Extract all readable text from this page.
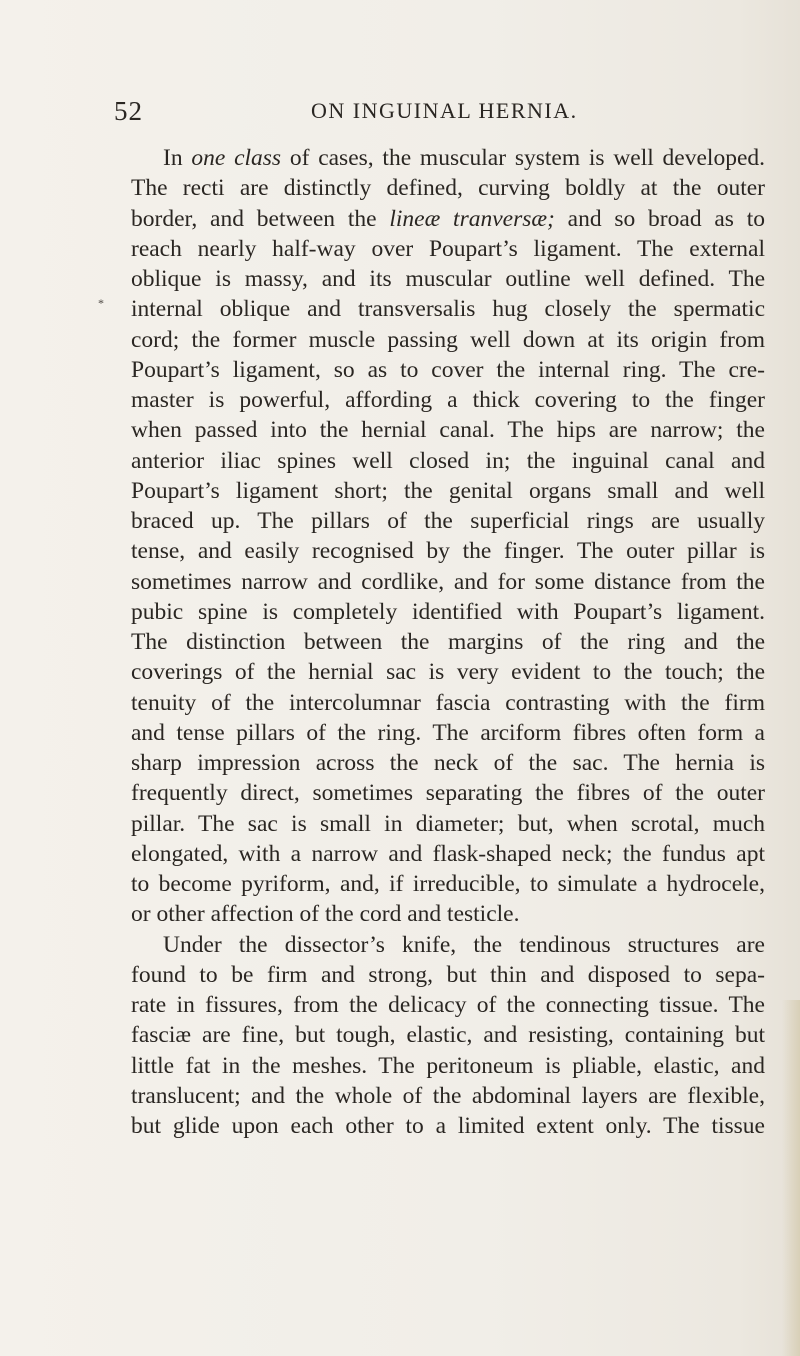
52	ON INGUINAL HERNIA.
*
In one class of cases, the muscular system is well developed.
The recti are distinctly defined, curving boldly at the outer
border, and between the lineæ tranversæ; and so broad as to
reach nearly half-way over Poupart’s ligament. The external
oblique is massy, and its muscular outline well defined. The
internal oblique and transversalis hug closely the spermatic
cord; the former muscle passing well down at its origin from
Poupart’s ligament, so as to cover the internal ring. The cre-
master is powerful, affording a thick covering to the finger
when passed into the hernial canal. The hips are narrow; the
anterior iliac spines well closed in; the inguinal canal and
Poupart’s ligament short; the genital organs small and well
braced up. The pillars of the superficial rings are usually
tense, and easily recognised by the finger. The outer pillar is
sometimes narrow and cordlike, and for some distance from the
pubic spine is completely identified with Poupart’s ligament.
The distinction between the margins of the ring and the
coverings of the hernial sac is very evident to the touch; the
tenuity of the intercolumnar fascia contrasting with the firm
and tense pillars of the ring. The arciform fibres often form a
sharp impression across the neck of the sac. The hernia is
frequently direct, sometimes separating the fibres of the outer
pillar. The sac is small in diameter; but, when scrotal, much
elongated, with a narrow and flask-shaped neck; the fundus apt
to become pyriform, and, if irreducible, to simulate a hydrocele,
or other affection of the cord and testicle.
Under the dissector’s knife, the tendinous structures are
found to be firm and strong, but thin and disposed to sepa-
rate in fissures, from the delicacy of the connecting tissue. The
fasciæ are fine, but tough, elastic, and resisting, containing but
little fat in the meshes. The peritoneum is pliable, elastic, and
translucent; and the whole of the abdominal layers are flexible,
but glide upon each other to a limited extent only. The tissue
